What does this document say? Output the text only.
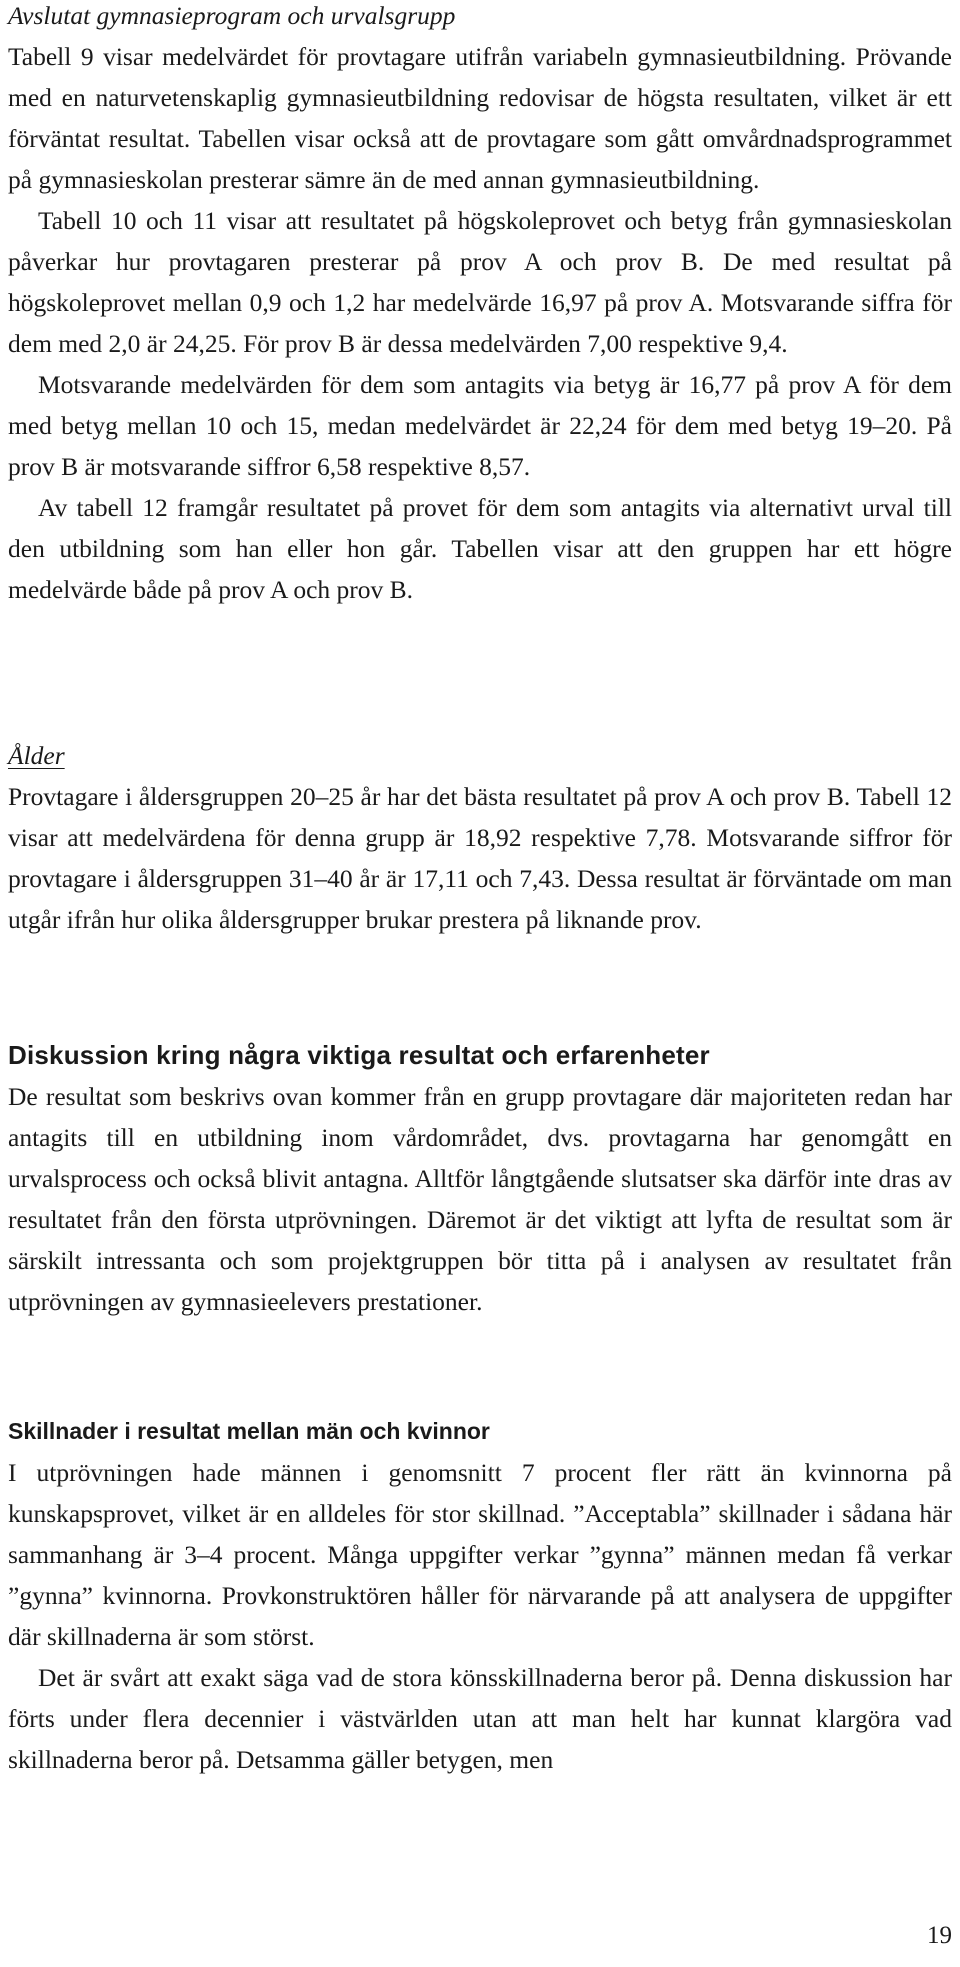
Avslutat gymnasieprogram och urvalsgrupp

Tabell 9 visar medelvärdet för provtagare utifrån variabeln gymnasieutbildning. Prövande med en naturvetenskaplig gymnasieutbildning redovisar de högsta resultaten, vilket är ett förväntat resultat. Tabellen visar också att de provtagare som gått omvårdnadsprogrammet på gymnasieskolan presterar sämre än de med annan gymnasieutbildning.

Tabell 10 och 11 visar att resultatet på högskoleprovet och betyg från gymnasieskolan påverkar hur provtagaren presterar på prov A och prov B. De med resultat på högskoleprovet mellan 0,9 och 1,2 har medelvärde 16,97 på prov A. Motsvarande siffra för dem med 2,0 är 24,25. För prov B är dessa medelvärden 7,00 respektive 9,4.

Motsvarande medelvärden för dem som antagits via betyg är 16,77 på prov A för dem med betyg mellan 10 och 15, medan medelvärdet är 22,24 för dem med betyg 19–20. På prov B är motsvarande siffror 6,58 respektive 8,57.

Av tabell 12 framgår resultatet på provet för dem som antagits via alternativt urval till den utbildning som han eller hon går. Tabellen visar att den gruppen har ett högre medelvärde både på prov A och prov B.

Ålder

Provtagare i åldersgruppen 20–25 år har det bästa resultatet på prov A och prov B. Tabell 12 visar att medelvärdena för denna grupp är 18,92 respektive 7,78. Motsvarande siffror för provtagare i åldersgruppen 31–40 år är 17,11 och 7,43. Dessa resultat är förväntade om man utgår ifrån hur olika åldersgrupper brukar prestera på liknande prov.

Diskussion kring några viktiga resultat och erfarenheter

De resultat som beskrivs ovan kommer från en grupp provtagare där majoriteten redan har antagits till en utbildning inom vårdområdet, dvs. provtagarna har genomgått en urvalsprocess och också blivit antagna. Alltför långtgående slutsatser ska därför inte dras av resultatet från den första utprövningen. Däremot är det viktigt att lyfta de resultat som är särskilt intressanta och som projektgruppen bör titta på i analysen av resultatet från utprövningen av gymnasieelevers prestationer.

Skillnader i resultat mellan män och kvinnor

I utprövningen hade männen i genomsnitt 7 procent fler rätt än kvinnorna på kunskapsprovet, vilket är en alldeles för stor skillnad. ”Acceptabla” skillnader i sådana här sammanhang är 3–4 procent. Många uppgifter verkar ”gynna” männen medan få verkar ”gynna” kvinnorna. Provkonstruktören håller för närvarande på att analysera de uppgifter där skillnaderna är som störst.

Det är svårt att exakt säga vad de stora könsskillnaderna beror på. Denna diskussion har förts under flera decennier i västvärlden utan att man helt har kunnat klargöra vad skillnaderna beror på. Detsamma gäller betygen, men

19
